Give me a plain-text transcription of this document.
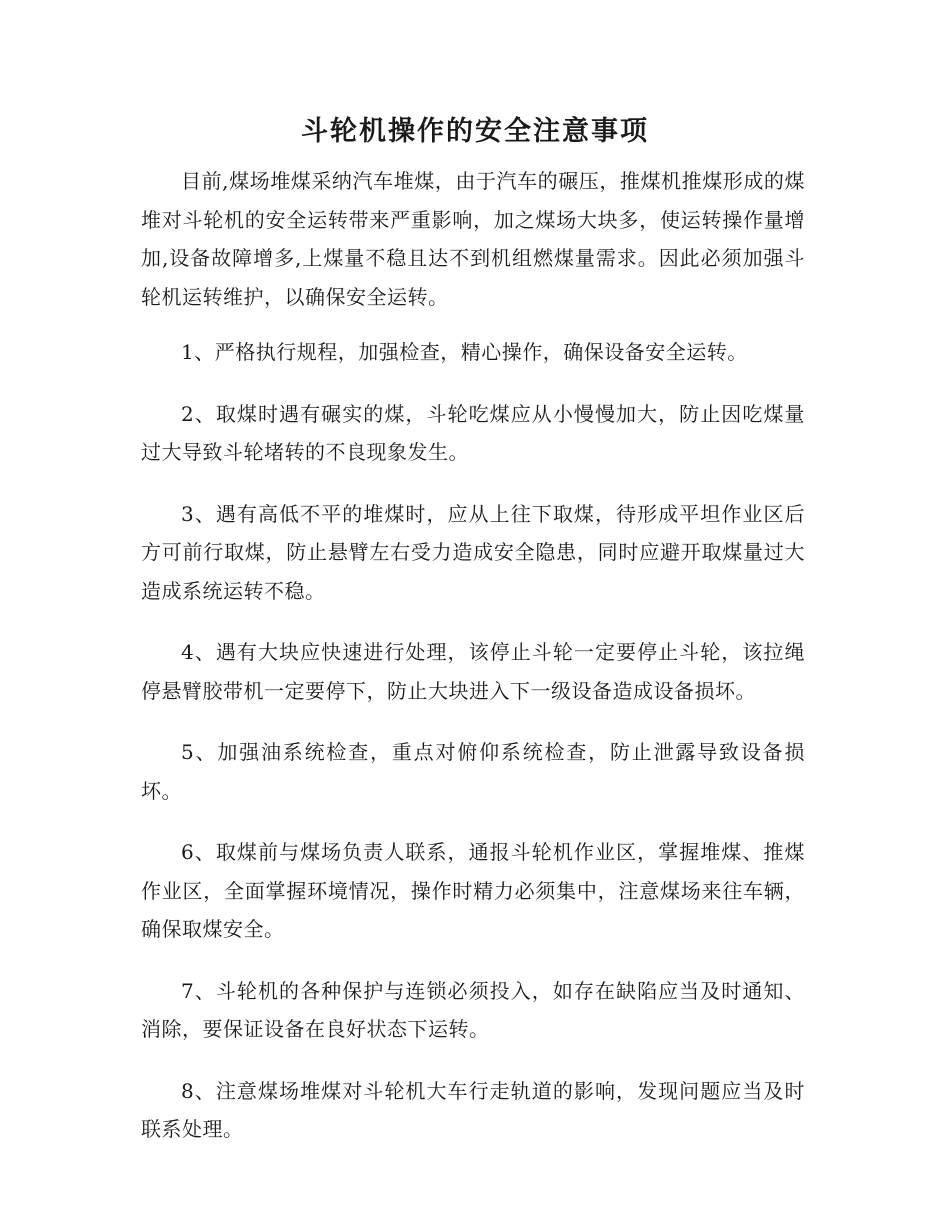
斗轮机操作的安全注意事项

目前,煤场堆煤采纳汽车堆煤，由于汽车的碾压，推煤机推煤形成的煤堆对斗轮机的安全运转带来严重影响，加之煤场大块多，使运转操作量增加,设备故障增多,上煤量不稳且达不到机组燃煤量需求。因此必须加强斗轮机运转维护，以确保安全运转。

1、严格执行规程，加强检查，精心操作，确保设备安全运转。

2、取煤时遇有碾实的煤，斗轮吃煤应从小慢慢加大，防止因吃煤量过大导致斗轮堵转的不良现象发生。

3、遇有高低不平的堆煤时，应从上往下取煤，待形成平坦作业区后方可前行取煤，防止悬臂左右受力造成安全隐患，同时应避开取煤量过大造成系统运转不稳。

4、遇有大块应快速进行处理，该停止斗轮一定要停止斗轮，该拉绳停悬臂胶带机一定要停下，防止大块进入下一级设备造成设备损坏。

5、加强油系统检查，重点对俯仰系统检查，防止泄露导致设备损坏。

6、取煤前与煤场负责人联系，通报斗轮机作业区，掌握堆煤、推煤作业区，全面掌握环境情况，操作时精力必须集中，注意煤场来往车辆，确保取煤安全。

7、斗轮机的各种保护与连锁必须投入，如存在缺陷应当及时通知、消除，要保证设备在良好状态下运转。

8、注意煤场堆煤对斗轮机大车行走轨道的影响，发现问题应当及时联系处理。
